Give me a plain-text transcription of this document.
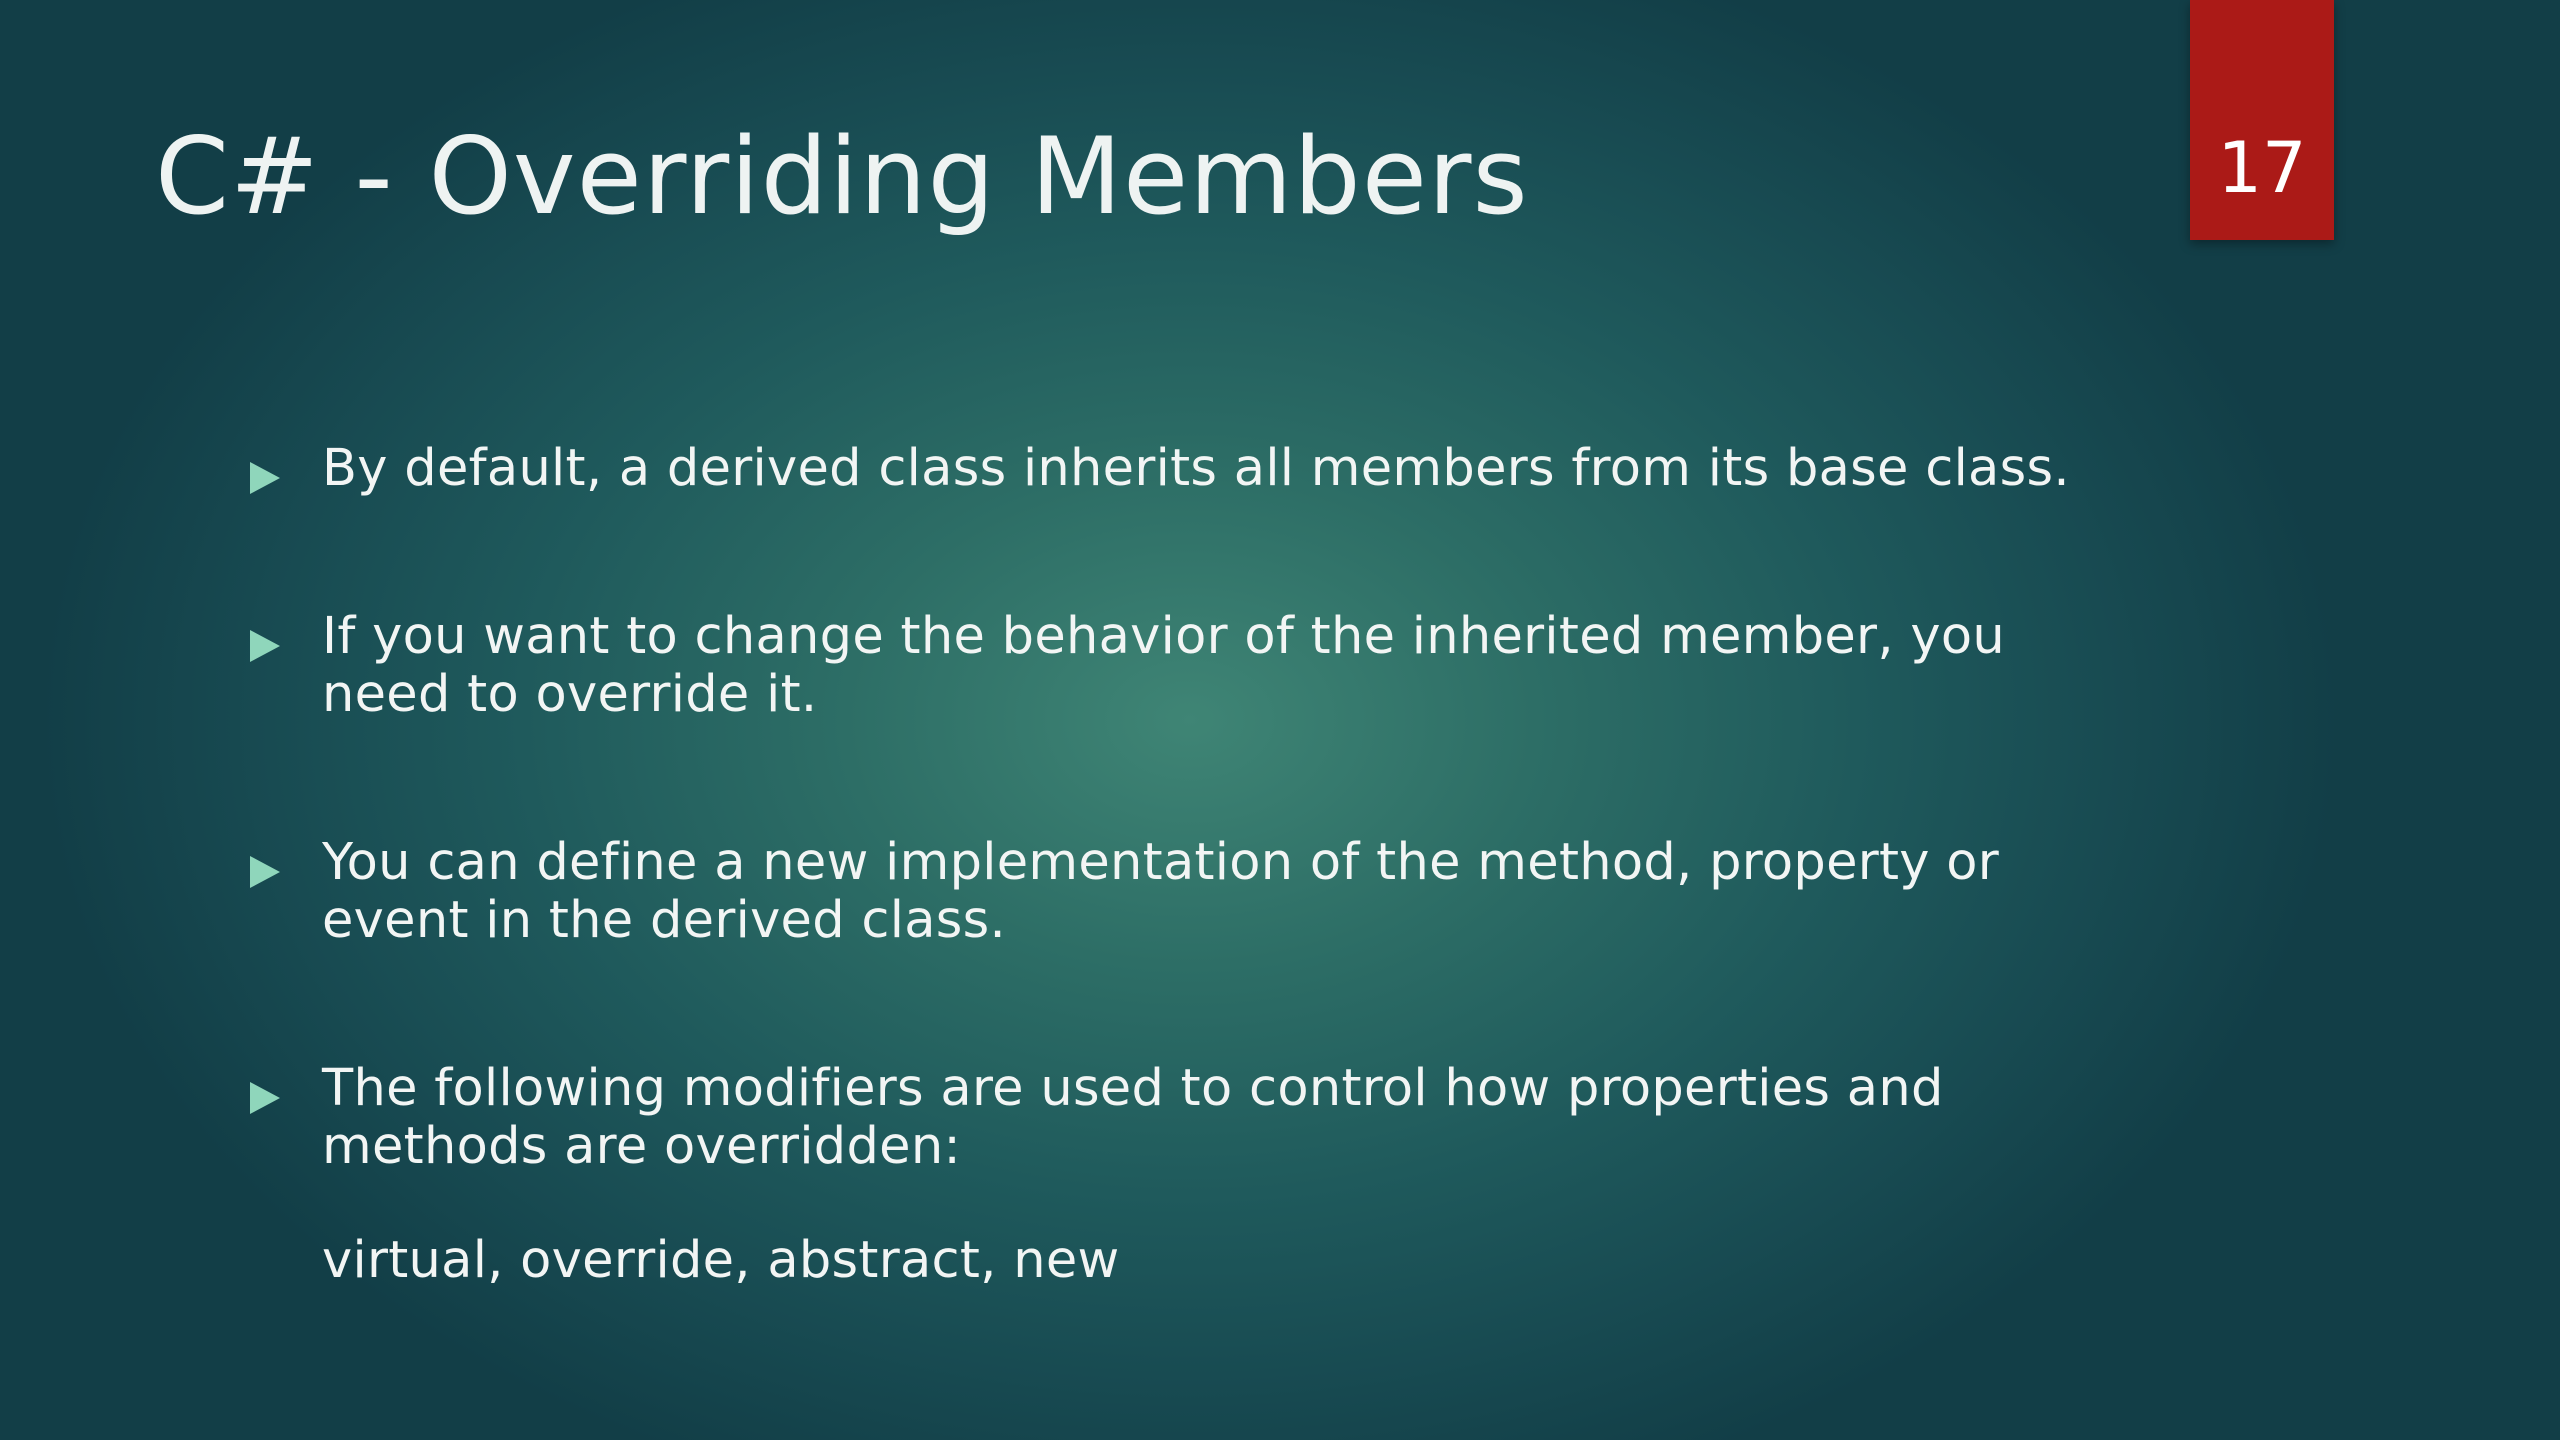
17
C# - Overriding Members
By default, a derived class inherits all members from its base class.
If you want to change the behavior of the inherited member, you need to override it.
You can define a new implementation of the method, property or event in the derived class.
The following modifiers are used to control how properties and methods are overridden:
virtual, override, abstract, new
